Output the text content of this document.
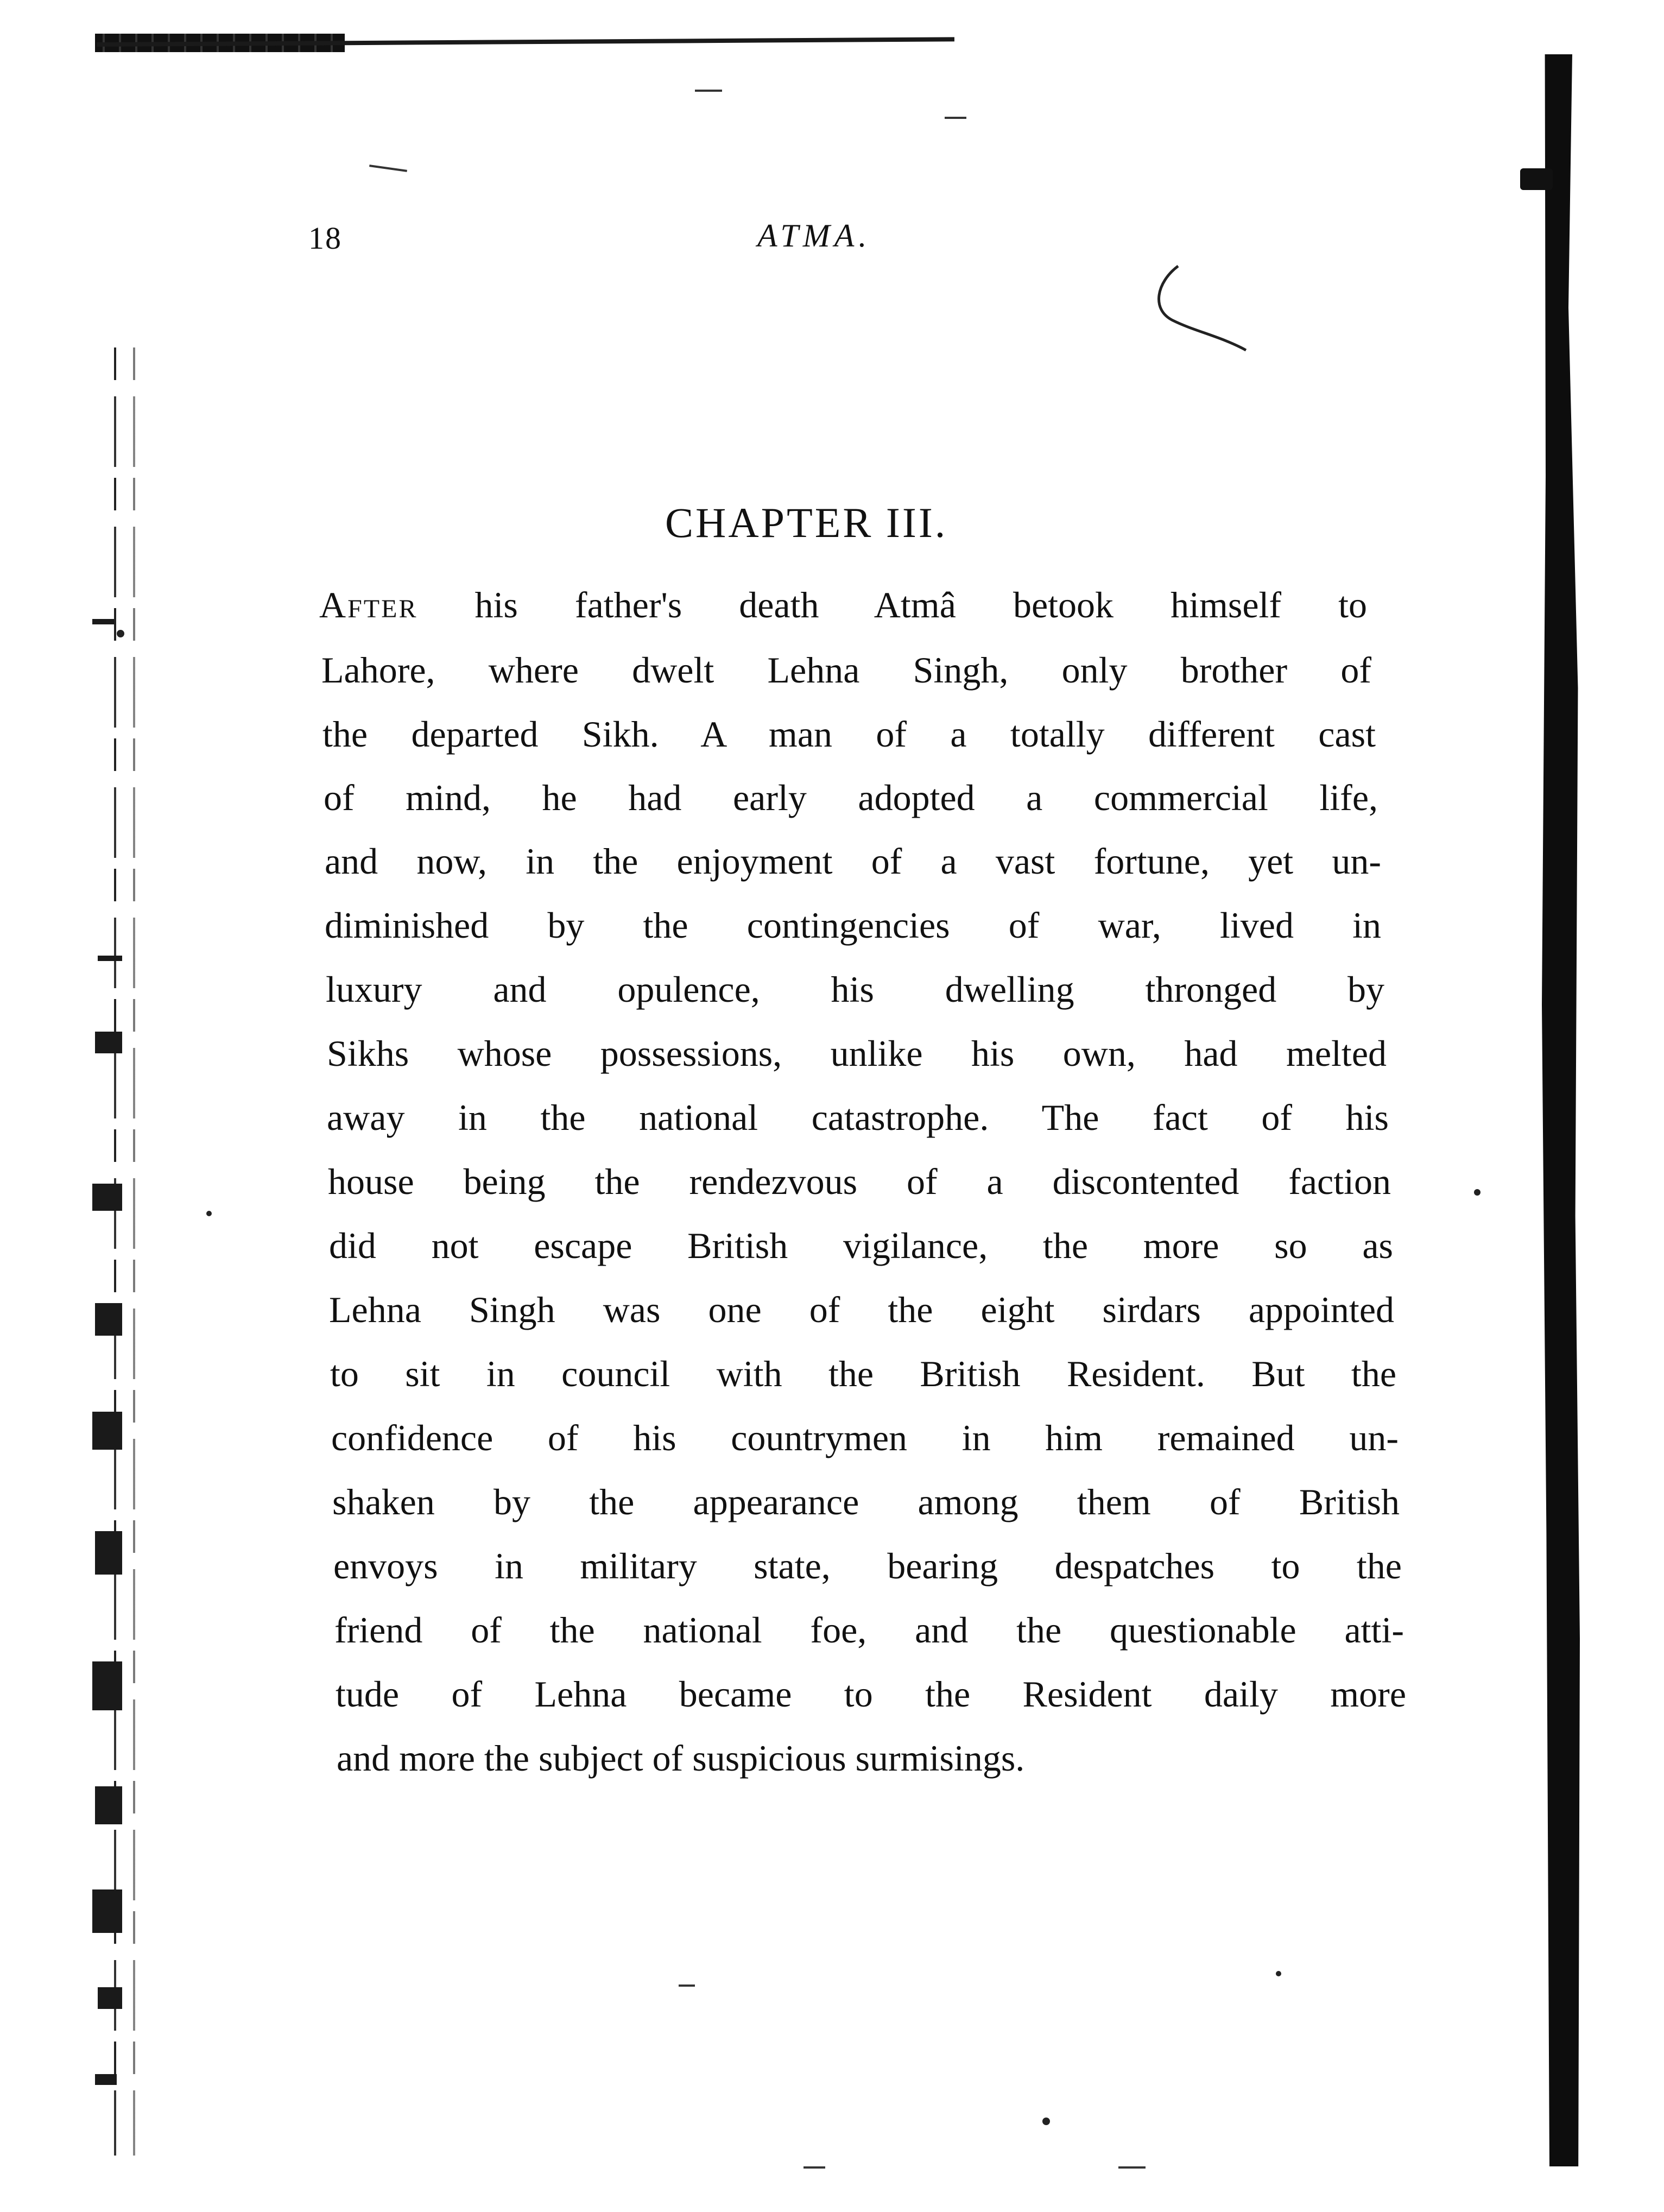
18	ATMA.
CHAPTER III.
After his father's death Atmâ betook himself to
Lahore, where dwelt Lehna Singh, only brother of
the departed Sikh. A man of a totally different cast
of mind, he had early adopted a commercial life,
and now, in the enjoyment of a vast fortune, yet un-
diminished by the contingencies of war, lived in
luxury and opulence, his dwelling thronged by
Sikhs whose possessions, unlike his own, had melted
away in the national catastrophe. The fact of his
house being the rendezvous of a discontented faction
did not escape British vigilance, the more so as
Lehna Singh was one of the eight sirdars appointed
to sit in council with the British Resident. But the
confidence of his countrymen in him remained un-
shaken by the appearance among them of British
envoys in military state, bearing despatches to the
friend of the national foe, and the questionable atti-
tude of Lehna became to the Resident daily more
and more the subject of suspicious surmisings.
